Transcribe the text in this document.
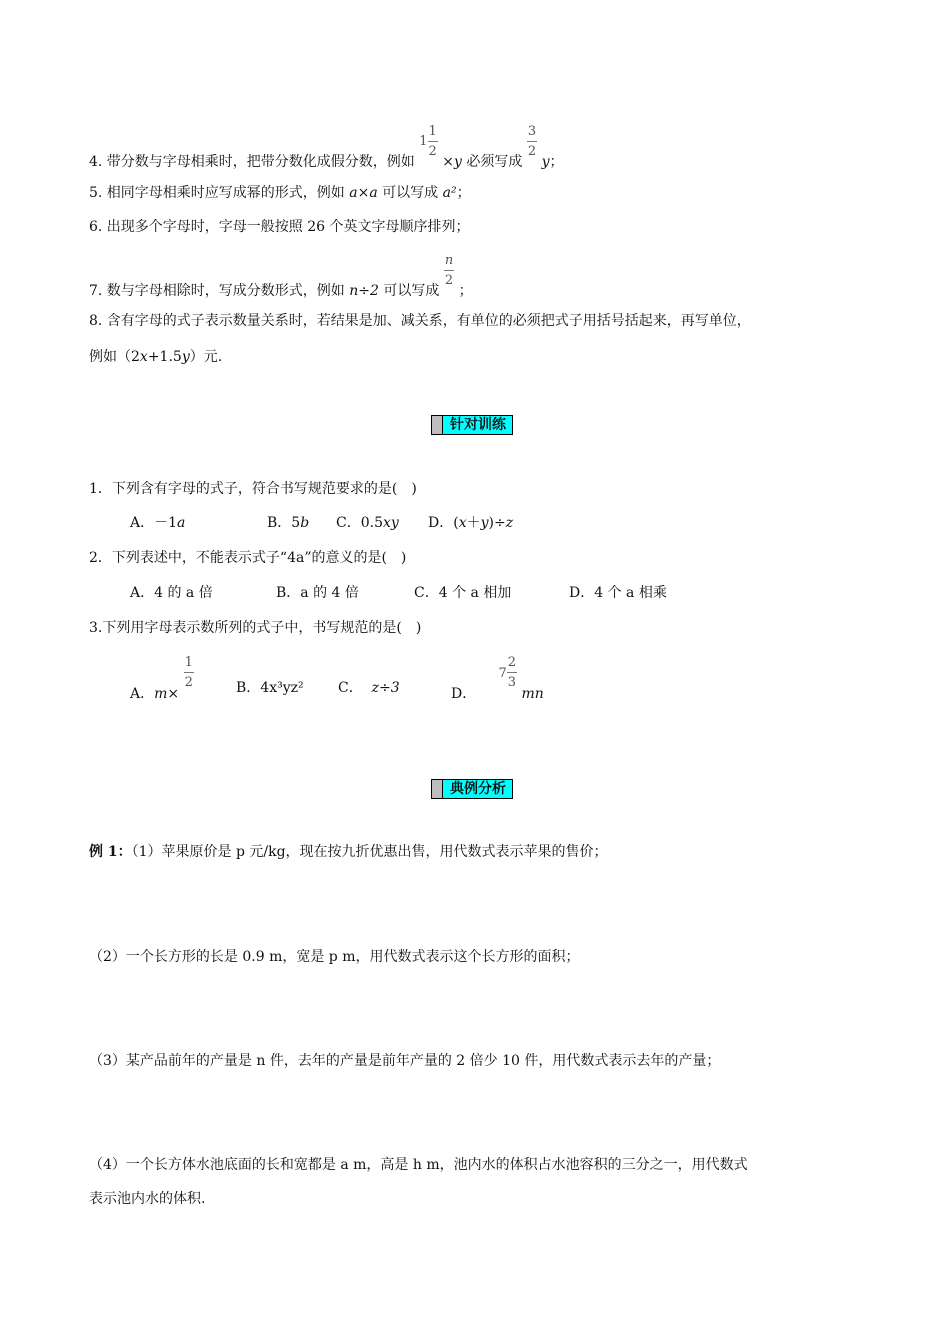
4. 带分数与字母相乘时，把带分数化成假分数，例如 $1 \frac{1}{2}$
×y 必须写成
$\frac{3}{2}$
y；
5. 相同字母相乘时应写成幂的形式，例如 a×a 可以写成 a²；
6. 出现多个字母时，字母一般按照 26 个英文字母顺序排列；
7. 数与字母相除时，写成分数形式，例如 n÷2 可以写成
$\frac{n}{2}$
；
8. 含有字母的式子表示数量关系时，若结果是加、减关系，有单位的必须把式子用括号括起来，再写单位，
例如（2x+1.5y）元.
针对训练
1．下列含有字母的式子，符合书写规范要求的是(　)
A．－1a	B．5b C．0.5xy D．(x＋y)÷z
2．下列表述中，不能表示式子“4a”的意义的是(　)
A．4 的 a 倍	B．a 的 4 倍	C．4 个 a 相加	D．4 个 a 相乘
3.下列用字母表示数所列的式子中，书写规范的是(　)
A．m×
$\frac{1}{2}$	B．4x³yz² C． z÷3	D．     $7 \frac{2}{3}$
mn
典例分析
例 1：（1）苹果原价是 p 元/kg，现在按九折优惠出售，用代数式表示苹果的售价；
（2）一个长方形的长是 0.9 m，宽是 p m，用代数式表示这个长方形的面积；
（3）某产品前年的产量是 n 件，去年的产量是前年产量的 2 倍少 10 件，用代数式表示去年的产量；
（4）一个长方体水池底面的长和宽都是 a m，高是 h m，池内水的体积占水池容积的三分之一，用代数式
表示池内水的体积.
